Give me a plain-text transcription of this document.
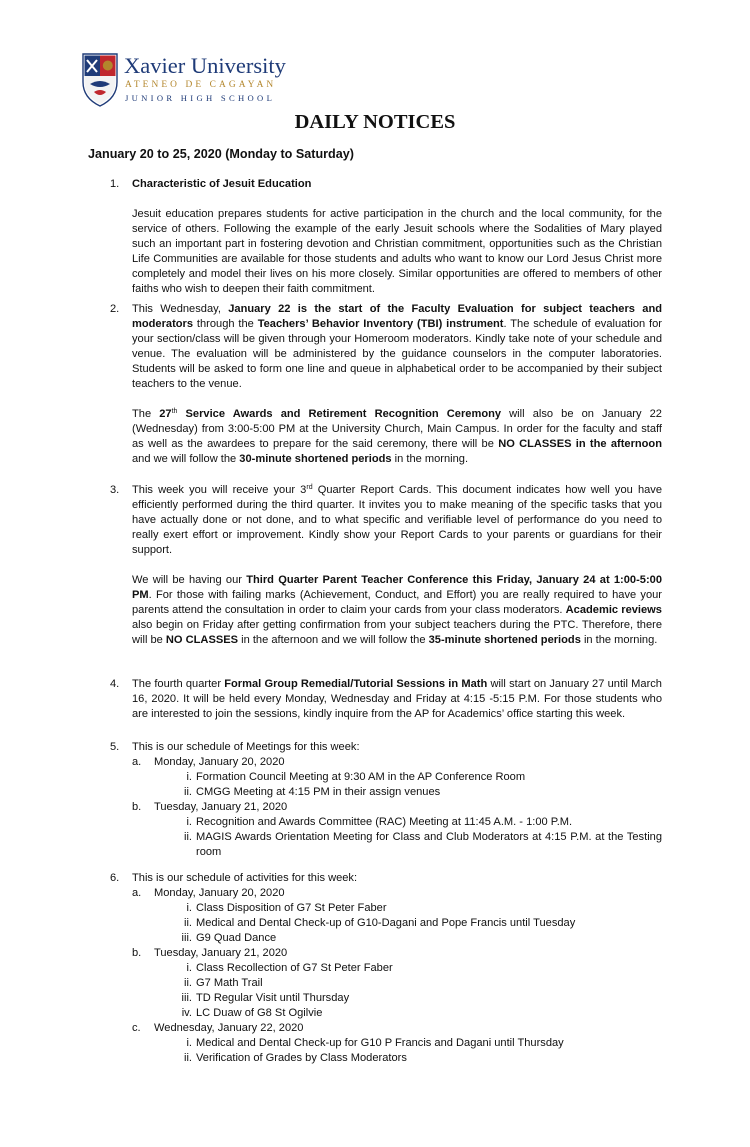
Xavier University
ATENEO DE CAGAYAN
JUNIOR HIGH SCHOOL
DAILY NOTICES
January 20 to 25, 2020 (Monday to Saturday)
1. Characteristic of Jesuit Education
Jesuit education prepares students for active participation in the church and the local community, for the service of others. Following the example of the early Jesuit schools where the Sodalities of Mary played such an important part in fostering devotion and Christian commitment, opportunities such as the Christian Life Communities are available for those students and adults who want to know our Lord Jesus Christ more completely and model their lives on his more closely. Similar opportunities are offered to members of other faiths who wish to deepen their faith commitment.
2. This Wednesday, January 22 is the start of the Faculty Evaluation for subject teachers and moderators through the Teachers’ Behavior Inventory (TBI) instrument. The schedule of evaluation for your section/class will be given through your Homeroom moderators. Kindly take note of your schedule and venue. The evaluation will be administered by the guidance counselors in the computer laboratories. Students will be asked to form one line and queue in alphabetical order to be accompanied by their subject teachers to the venue.
The 27th Service Awards and Retirement Recognition Ceremony will also be on January 22 (Wednesday) from 3:00-5:00 PM at the University Church, Main Campus. In order for the faculty and staff as well as the awardees to prepare for the said ceremony, there will be NO CLASSES in the afternoon and we will follow the 30-minute shortened periods in the morning.
3. This week you will receive your 3rd Quarter Report Cards. This document indicates how well you have efficiently performed during the third quarter. It invites you to make meaning of the specific tasks that you have actually done or not done, and to what specific and verifiable level of performance do you need to really exert effort or improvement. Kindly show your Report Cards to your parents or guardians for their support.
We will be having our Third Quarter Parent Teacher Conference this Friday, January 24 at 1:00-5:00 PM. For those with failing marks (Achievement, Conduct, and Effort) you are really required to have your parents attend the consultation in order to claim your cards from your class moderators. Academic reviews also begin on Friday after getting confirmation from your subject teachers during the PTC. Therefore, there will be NO CLASSES in the afternoon and we will follow the 35-minute shortened periods in the morning.
4. The fourth quarter Formal Group Remedial/Tutorial Sessions in Math will start on January 27 until March 16, 2020. It will be held every Monday, Wednesday and Friday at 4:15 -5:15 P.M. For those students who are interested to join the sessions, kindly inquire from the AP for Academics’ office starting this week.
5. This is our schedule of Meetings for this week:
a. Monday, January 20, 2020
i. Formation Council Meeting at 9:30 AM in the AP Conference Room
ii. CMGG Meeting at 4:15 PM in their assign venues
b. Tuesday, January 21, 2020
i. Recognition and Awards Committee (RAC) Meeting at 11:45 A.M. - 1:00 P.M.
ii. MAGIS Awards Orientation Meeting for Class and Club Moderators at 4:15 P.M. at the Testing room
6. This is our schedule of activities for this week:
a. Monday, January 20, 2020
i. Class Disposition of G7 St Peter Faber
ii. Medical and Dental Check-up of G10-Dagani and Pope Francis until Tuesday
iii. G9 Quad Dance
b. Tuesday, January 21, 2020
i. Class Recollection of G7 St Peter Faber
ii. G7 Math Trail
iii. TD Regular Visit until Thursday
iv. LC Duaw of G8 St Ogilvie
c. Wednesday, January 22, 2020
i. Medical and Dental Check-up for G10 P Francis and Dagani until Thursday
ii. Verification of Grades by Class Moderators
